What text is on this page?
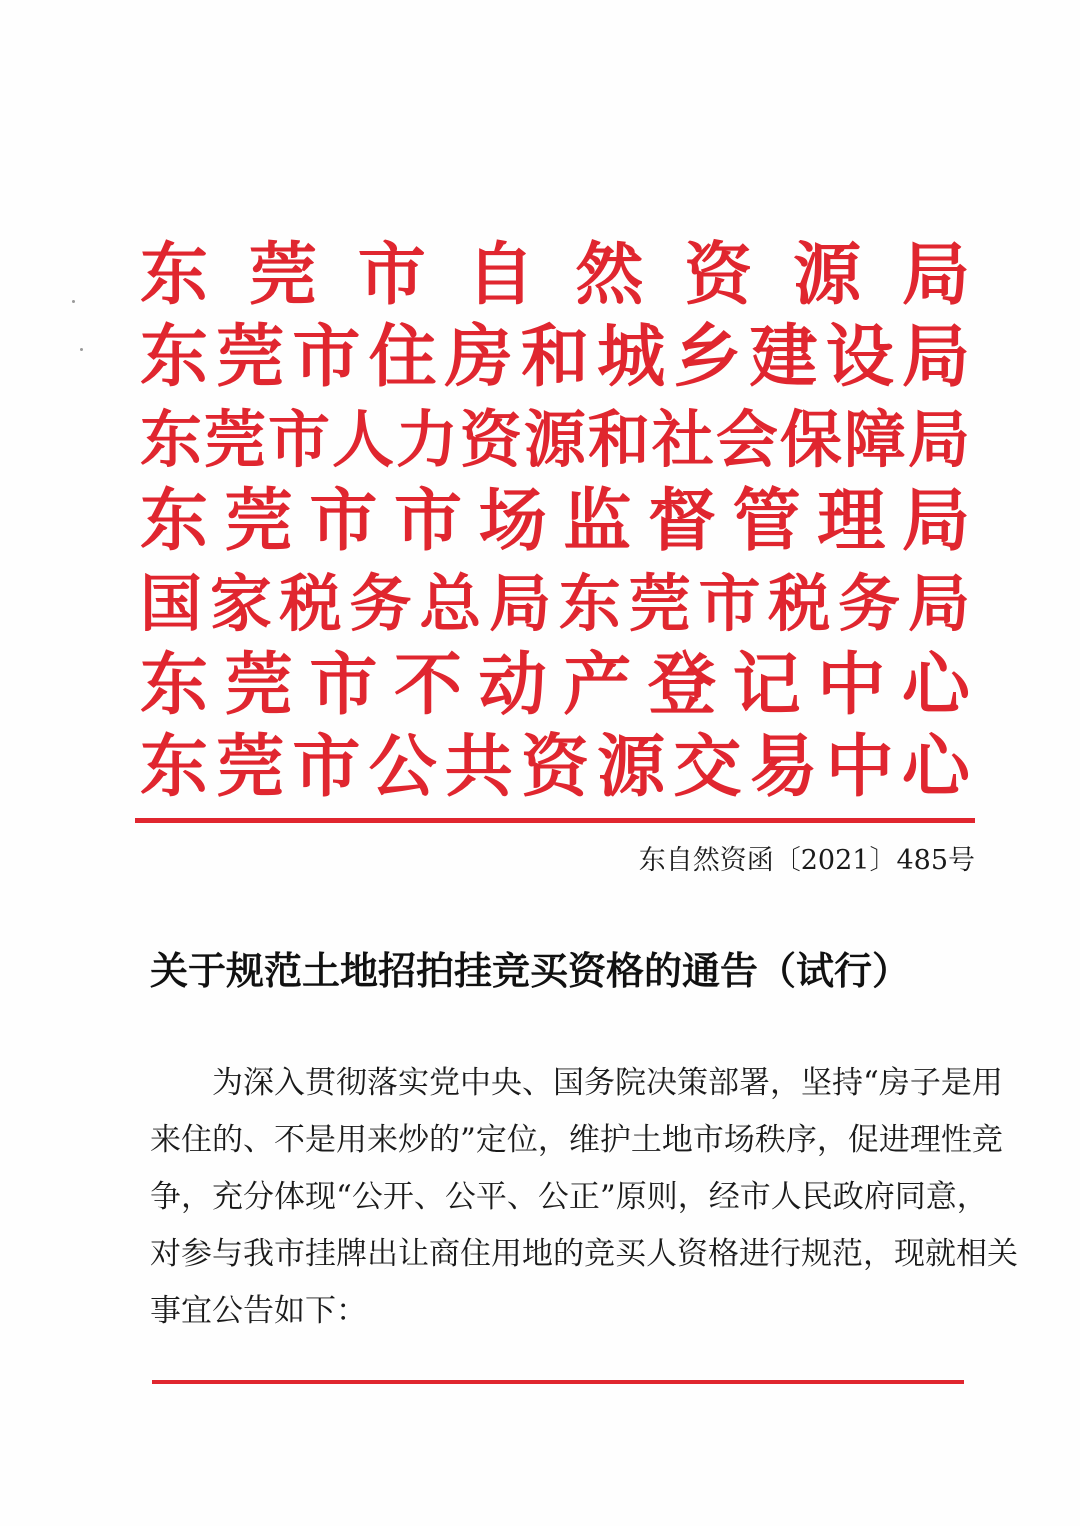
东 莞 市 自 然 资 源 局
东 莞 市 住 房 和 城 乡 建 设 局
东 莞 市 人 力 资 源 和 社 会 保 障 局
东 莞 市 市 场 监 督 管 理 局
国 家 税 务 总 局 东 莞 市 税 务 局
东 莞 市 不 动 产 登 记 中 心
东 莞 市 公 共 资 源 交 易 中 心
东自然资函〔2021〕485号
关于规范土地招拍挂竞买资格的通告（试行）
为深入贯彻落实党中央、国务院决策部署，坚持“房子是用
来住的、不是用来炒的”定位，维护土地市场秩序，促进理性竞
争，充分体现“公开、公平、公正”原则，经市人民政府同意，
对参与我市挂牌出让商住用地的竞买人资格进行规范，现就相关
事宜公告如下：
